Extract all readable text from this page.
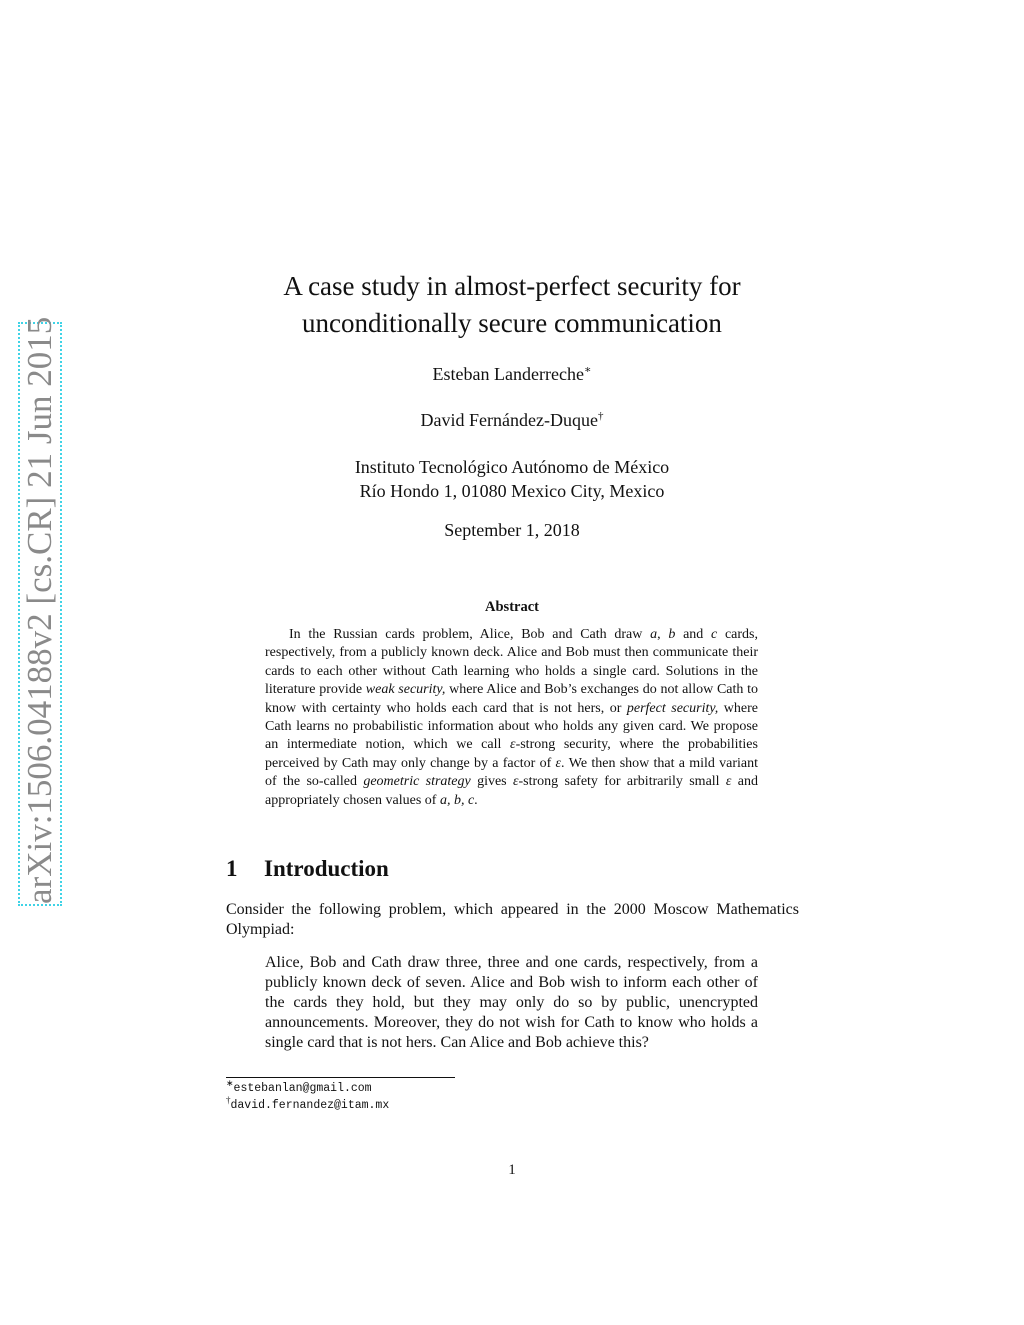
arXiv:1506.04188v2 [cs.CR] 21 Jun 2015
A case study in almost-perfect security for
unconditionally secure communication
Esteban Landerreche∗
David Fernández-Duque†
Instituto Tecnológico Autónomo de México
Río Hondo 1, 01080 Mexico City, Mexico
September 1, 2018
Abstract

In the Russian cards problem, Alice, Bob and Cath draw a, b and c cards, respectively, from a publicly known deck. Alice and Bob must then communicate their cards to each other without Cath learning who holds a single card. Solutions in the literature provide weak security, where Alice and Bob’s exchanges do not allow Cath to know with certainty who holds each card that is not hers, or perfect security, where Cath learns no probabilistic information about who holds any given card. We propose an intermediate notion, which we call ε-strong security, where the probabilities perceived by Cath may only change by a factor of ε. We then show that a mild variant of the so-called geometric strategy gives ε-strong safety for arbitrarily small ε and appropriately chosen values of a, b, c.

1 Introduction

Consider the following problem, which appeared in the 2000 Moscow Mathematics Olympiad:

Alice, Bob and Cath draw three, three and one cards, respectively, from a publicly known deck of seven. Alice and Bob wish to inform each other of the cards they hold, but they may only do so by public, unencrypted announcements. Moreover, they do not wish for Cath to know who holds a single card that is not hers. Can Alice and Bob achieve this?

∗estebanlan@gmail.com
†david.fernandez@itam.mx
1
